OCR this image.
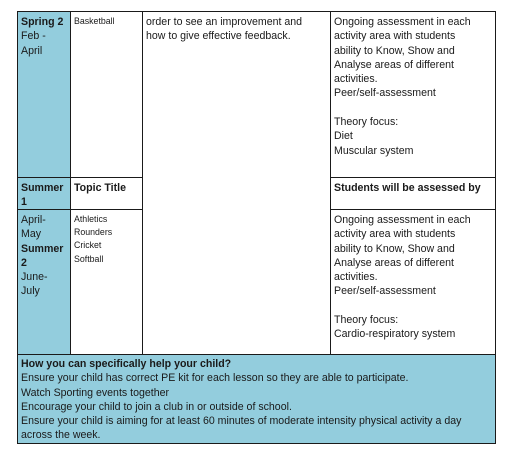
Spring 2
Feb -
April
Basketball	order to see an improvement and
how to give effective feedback.
Ongoing assessment in each
activity area with students
ability to Know, Show and
Analyse areas of different
activities.
Peer/self-assessment
Theory focus:
Diet
Muscular system
Summer
1
Topic Title	Students will be assessed by
April-
May
Summer
2
June-
July
Athletics
Rounders
Cricket
Softball
Ongoing assessment in each
activity area with students
ability to Know, Show and
Analyse areas of different
activities.
Peer/self-assessment
Theory focus:
Cardio-respiratory system
How you can specifically help your child?
Ensure your child has correct PE kit for each lesson so they are able to participate.
Watch Sporting events together
Encourage your child to join a club in or outside of school.
Ensure your child is aiming for at least 60 minutes of moderate intensity physical activity a day
across the week.
